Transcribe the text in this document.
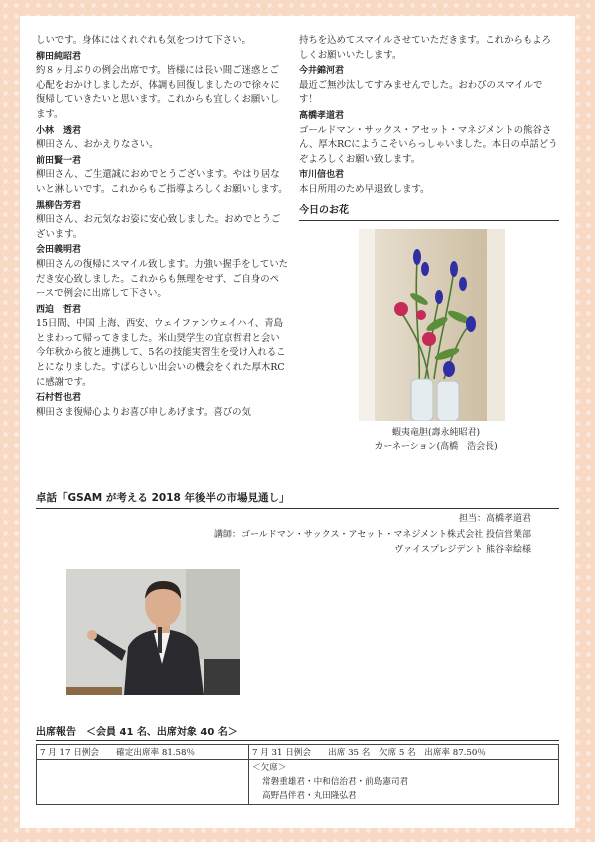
しいです。身体にはくれぐれも気をつけて下さい。

柳田純昭君

約８ヶ月ぶりの例会出席です。皆様には長い間ご迷惑とご心配をおかけしましたが、体調も回復しましたので徐々に復帰していきたいと思います。これからも宜しくお願いします。

小林　透君

柳田さん、おかえりなさい。

前田賢一君

柳田さん、ご生還誠におめでとうございます。やはり居ないと淋しいです。これからもご指導よろしくお願いします。

黒柳告芳君

柳田さん、お元気なお姿に安心致しました。おめでとうございます。

会田義明君

柳田さんの復帰にスマイル致します。力強い握手をしていただき安心致しました。これからも無理をせず、ご自身のペースで例会に出席して下さい。

西迫　哲君

15日間、中国 上海、西安、ウェイファンウェイハイ、青島とまわって帰ってきました。米山奨学生の宜京哲君と会い今年秋から彼と連携して、5名の技能実習生を受け入れることになりました。すばらしい出会いの機会をくれた厚木RCに感謝です。

石村哲也君

柳田さま復帰心よりお喜び申しあげます。喜びの気

持ちを込めてスマイルさせていただきます。これからもよろしくお願いいたします。

今井錦河君

最近ご無沙汰してすみませんでした。おわびのスマイルです！

高橋孝道君

ゴールドマン・サックス・アセット・マネジメントの熊谷さん、厚木RCにようこそいらっしゃいました。本日の卓話どうぞよろしくお願い致します。

市川信也君

本日所用のため早退致します。

今日のお花
蝦夷竜胆(壽永純昭君)
カーネーション(高橋　浩会長)
卓話「GSAM が考える 2018 年後半の市場見通し」
担当：高橋孝道君
講師：ゴールドマン・サックス・アセット・マネジメント株式会社 投信営業部
ヴァイスプレジデント 熊谷幸絵様
出席報告　＜会員 41 名、出席対象 40 名＞
7 月 17 日例会　　確定出席率 81.58％	7 月 31 日例会　　出席 35 名　欠席 5 名　出席率 87.50％

	＜欠席＞
常磐重雄君・中和信治君・前島憲司君
高野昌伴君・丸田隆弘君
